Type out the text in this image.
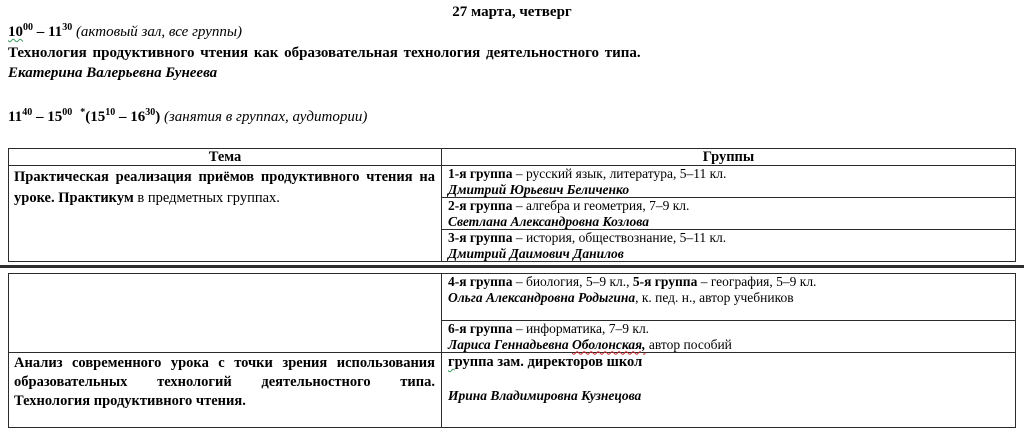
27 марта, четверг
$10^{00} - 11^{30}$ (актовый зал, все группы)
Технология продуктивного чтения как образовательная технология деятельностного типа.
Екатерина Валерьевна Бунеева
$11^{40} - 15^{00}$ $^*(15^{10} - 16^{30})$ (занятия в группах, аудитории)
Тема	Группы
Практическая реализация приёмов продуктивного чтения на уроке. Практикум в предметных группах.	1-я группа – русский язык, литература, 5–11 кл.
Дмитрий Юрьевич Беличенко

	2-я группа – алгебра и геометрия, 7–9 кл.
Светлана Александровна Козлова

	3-я группа – история, обществознание, 5–11 кл.
Дмитрий Даимович Данилов

	4-я группа – биология, 5–9 кл., 5-я группа – география, 5–9 кл.
Ольга Александровна Родыгина, к. пед. н., автор учебников

	6-я группа – информатика, 7–9 кл.
Лариса Геннадьевна Оболонская, автор пособий

Анализ современного урока с точки зрения использования образовательных технологий деятельностного типа. Технология продуктивного чтения.	группа зам. директоров школ
Ирина Владимировна Кузнецова
